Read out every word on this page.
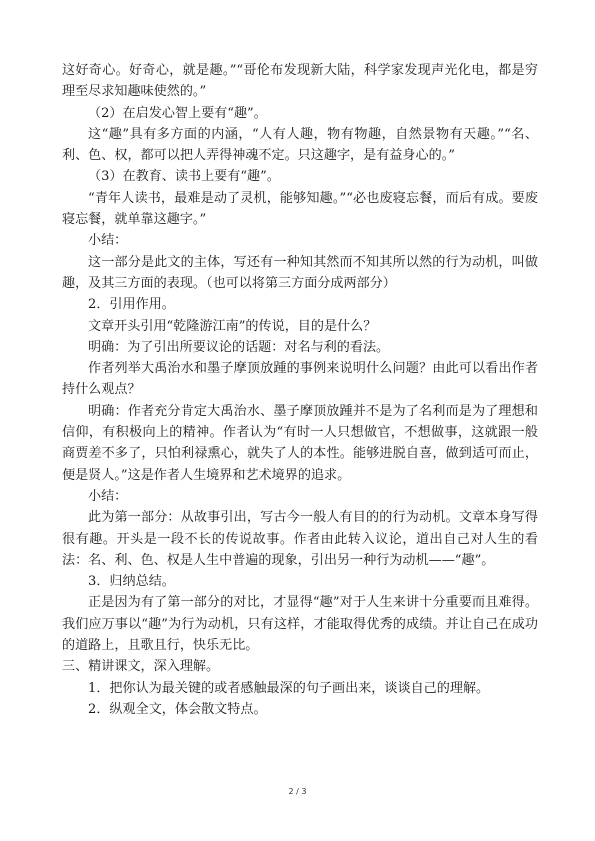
这好奇心。好奇心，就是趣。”“哥伦布发现新大陆，科学家发现声光化电，都是穷理至尽求知趣味使然的。”

（2）在启发心智上要有“趣”。

这“趣”具有多方面的内涵，“人有人趣，物有物趣，自然景物有天趣。”“名、利、色、权，都可以把人弄得神魂不定。只这趣字，是有益身心的。”

（3）在教育、读书上要有“趣”。

“青年人读书，最难是动了灵机，能够知趣。”“必也废寝忘餐，而后有成。要废寝忘餐，就单靠这趣字。”

小结：

这一部分是此文的主体，写还有一种知其然而不知其所以然的行为动机，叫做趣，及其三方面的表现。（也可以将第三方面分成两部分）

2．引用作用。

文章开头引用“乾隆游江南”的传说，目的是什么？

明确：为了引出所要议论的话题：对名与利的看法。

作者列举大禹治水和墨子摩顶放踵的事例来说明什么问题？由此可以看出作者持什么观点？

明确：作者充分肯定大禹治水、墨子摩顶放踵并不是为了名利而是为了理想和信仰，有积极向上的精神。作者认为“有时一人只想做官，不想做事，这就跟一般商贾差不多了，只怕利禄熏心，就失了人的本性。能够进脱自喜，做到适可而止，便是贤人。”这是作者人生境界和艺术境界的追求。

小结：

此为第一部分：从故事引出，写古今一般人有目的的行为动机。文章本身写得很有趣。开头是一段不长的传说故事。作者由此转入议论，道出自己对人生的看法：名、利、色、权是人生中普遍的现象，引出另一种行为动机——“趣”。

3．归纳总结。

正是因为有了第一部分的对比，才显得“趣”对于人生来讲十分重要而且难得。我们应万事以“趣”为行为动机，只有这样，才能取得优秀的成绩。并让自己在成功的道路上，且歌且行，快乐无比。

三、精讲课文，深入理解。

1．把你认为最关键的或者感触最深的句子画出来，谈谈自己的理解。

2．纵观全文，体会散文特点。

2 / 3
